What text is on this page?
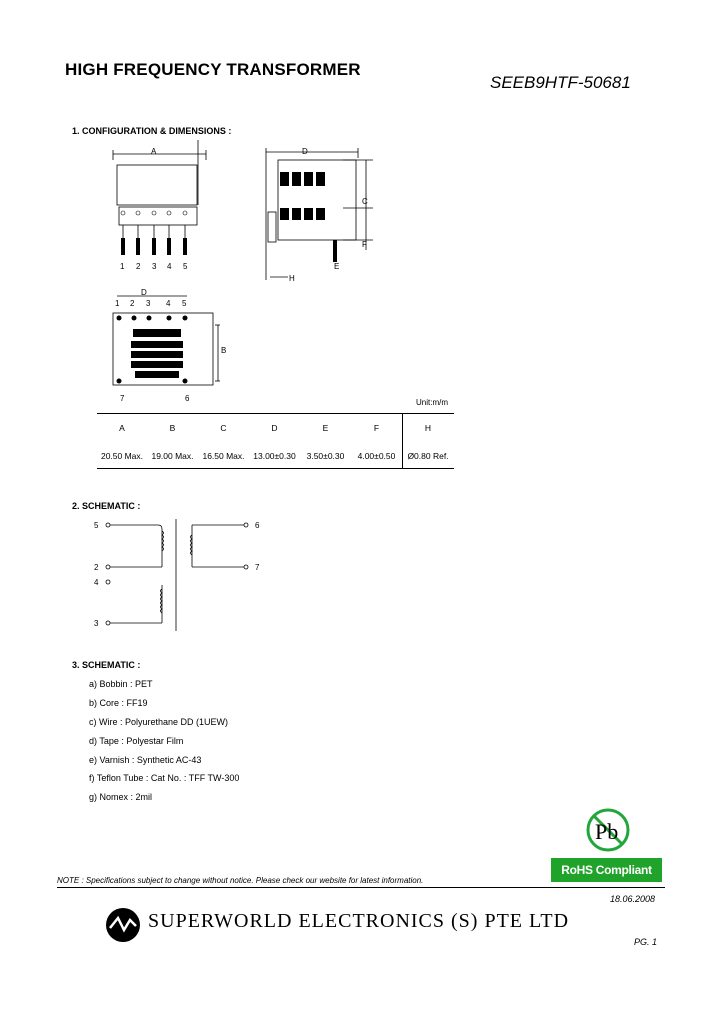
HIGH FREQUENCY TRANSFORMER
SEEB9HTF-50681
1. CONFIGURATION & DIMENSIONS :
A
1 2 3 4 5
D
C
F
H
E
D
1 2 3 4 5
7	6
B
Unit:m/m
A	B	C	D	E	F	H
20.50 Max.	19.00 Max.	16.50 Max.	13.00±0.30	3.50±0.30	4.00±0.50	Ø0.80 Ref.
2. SCHEMATIC :
5
2
4
3
6
7
3. SCHEMATIC :
a) Bobbin : PET
b) Core : FF19
c) Wire : Polyurethane DD (1UEW)
d) Tape : Polyestar Film
e) Varnish : Synthetic AC-43
f) Teflon Tube : Cat No. : TFF TW-300
g) Nomex : 2mil
Pb
RoHS Compliant
NOTE : Specifications subject to change without notice. Please check our website for latest information.
18.06.2008
SUPERWORLD ELECTRONICS (S) PTE LTD
PG. 1
